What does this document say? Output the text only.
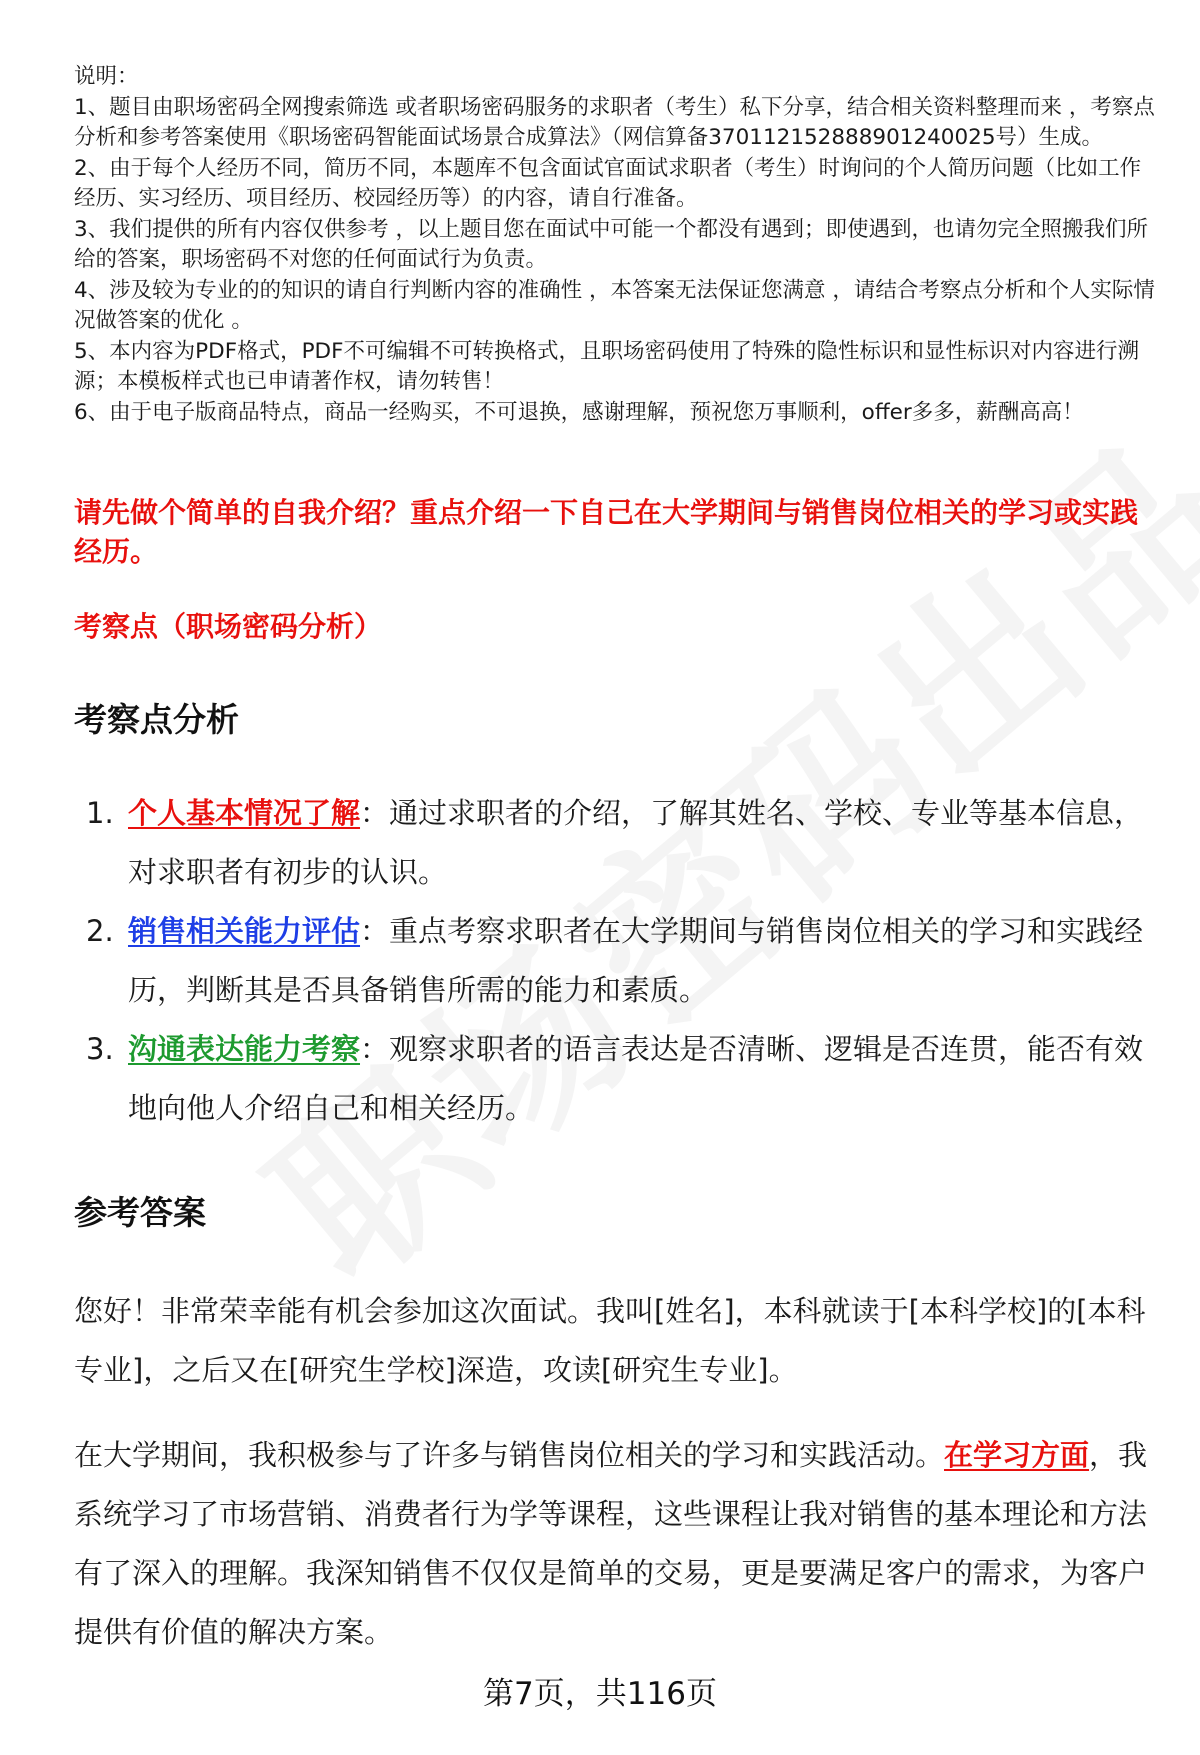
说明：

1、题目由职场密码全网搜索筛选 或者职场密码服务的求职者（考生）私下分享，结合相关资料整理而来 ，考察点分析和参考答案使用《职场密码智能面试场景合成算法》（网信算备370112152888901240025号）生成。

2、由于每个人经历不同，简历不同，本题库不包含面试官面试求职者（考生）时询问的个人简历问题（比如工作经历、实习经历、项目经历、校园经历等）的内容，请自行准备。

3、我们提供的所有内容仅供参考 ，以上题目您在面试中可能一个都没有遇到；即使遇到，也请勿完全照搬我们所给的答案，职场密码不对您的任何面试行为负责。

4、涉及较为专业的的知识的请自行判断内容的准确性 ，本答案无法保证您满意 ，请结合考察点分析和个人实际情况做答案的优化 。

5、本内容为PDF格式，PDF不可编辑不可转换格式，且职场密码使用了特殊的隐性标识和显性标识对内容进行溯源；本模板样式也已申请著作权，请勿转售！

6、由于电子版商品特点，商品一经购买，不可退换，感谢理解，预祝您万事顺利，offer多多，薪酬高高！

请先做个简单的自我介绍？重点介绍一下自己在大学期间与销售岗位相关的学习或实践经历。

考察点（职场密码分析）

考察点分析
1. 个人基本情况了解：通过求职者的介绍，了解其姓名、学校、专业等基本信息，对求职者有初步的认识。
2. 销售相关能力评估：重点考察求职者在大学期间与销售岗位相关的学习和实践经历，判断其是否具备销售所需的能力和素质。
3. 沟通表达能力考察：观察求职者的语言表达是否清晰、逻辑是否连贯，能否有效地向他人介绍自己和相关经历。
参考答案

您好！非常荣幸能有机会参加这次面试。我叫[姓名]，本科就读于[本科学校]的[本科专业]，之后又在[研究生学校]深造，攻读[研究生专业]。

在大学期间，我积极参与了许多与销售岗位相关的学习和实践活动。在学习方面，我系统学习了市场营销、消费者行为学等课程，这些课程让我对销售的基本理论和方法有了深入的理解。我深知销售不仅仅是简单的交易，更是要满足客户的需求，为客户提供有价值的解决方案。

第7页，共116页
